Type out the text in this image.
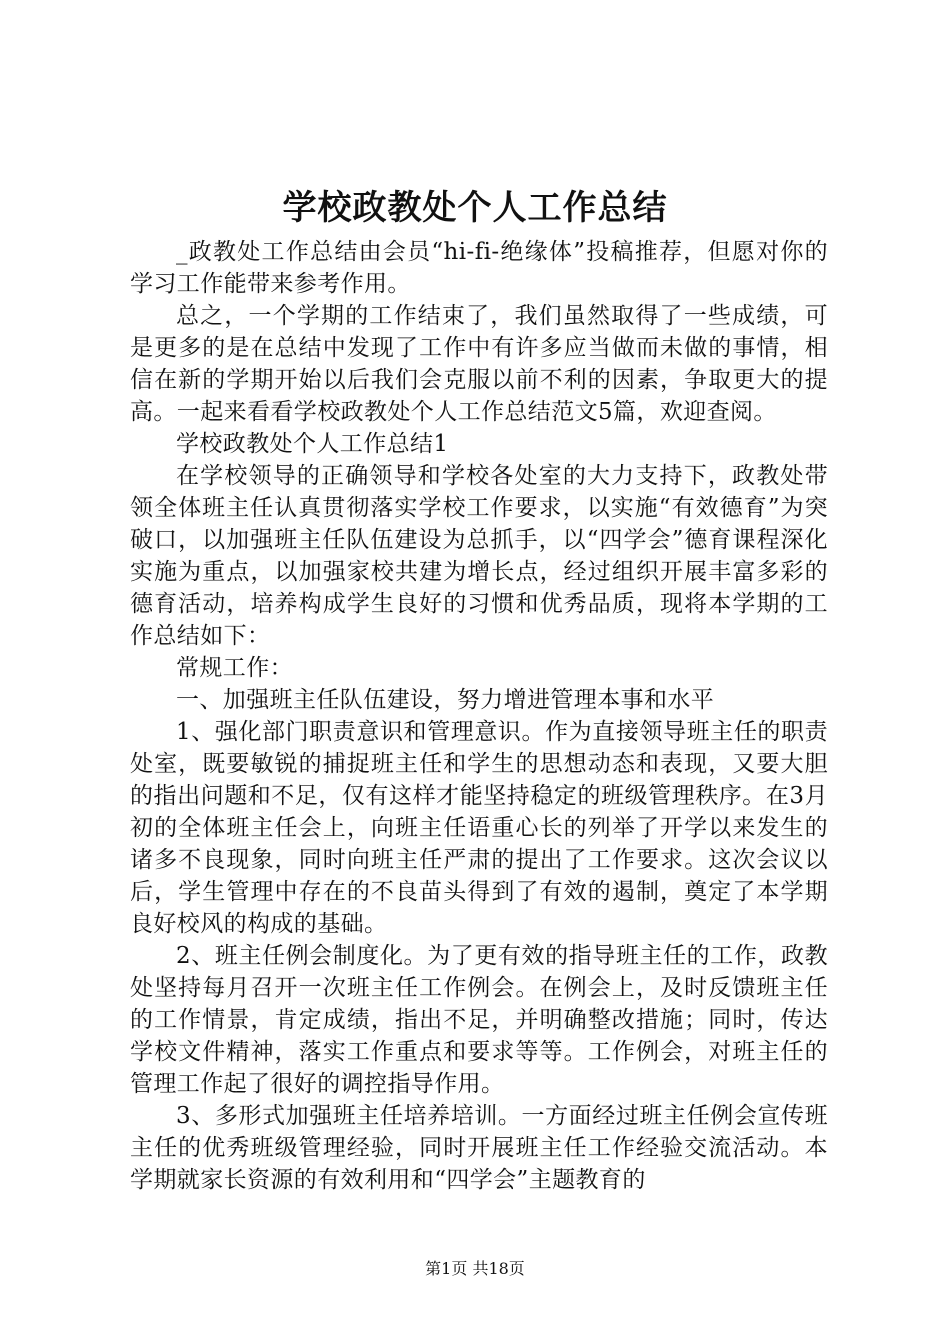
学校政教处个人工作总结

_政教处工作总结由会员“hi-fi-绝缘体”投稿推荐，但愿对你的学习工作能带来参考作用。

总之，一个学期的工作结束了，我们虽然取得了一些成绩，可是更多的是在总结中发现了工作中有许多应当做而未做的事情，相信在新的学期开始以后我们会克服以前不利的因素，争取更大的提高。一起来看看学校政教处个人工作总结范文5篇，欢迎查阅。

学校政教处个人工作总结1

在学校领导的正确领导和学校各处室的大力支持下，政教处带领全体班主任认真贯彻落实学校工作要求，以实施“有效德育”为突破口，以加强班主任队伍建设为总抓手，以“四学会”德育课程深化实施为重点，以加强家校共建为增长点，经过组织开展丰富多彩的德育活动，培养构成学生良好的习惯和优秀品质，现将本学期的工作总结如下：

常规工作：

一、加强班主任队伍建设，努力增进管理本事和水平

1、强化部门职责意识和管理意识。作为直接领导班主任的职责处室，既要敏锐的捕捉班主任和学生的思想动态和表现，又要大胆的指出问题和不足，仅有这样才能坚持稳定的班级管理秩序。在3月初的全体班主任会上，向班主任语重心长的列举了开学以来发生的诸多不良现象，同时向班主任严肃的提出了工作要求。这次会议以后，学生管理中存在的不良苗头得到了有效的遏制，奠定了本学期良好校风的构成的基础。

2、班主任例会制度化。为了更有效的指导班主任的工作，政教处坚持每月召开一次班主任工作例会。在例会上，及时反馈班主任的工作情景，肯定成绩，指出不足，并明确整改措施；同时，传达学校文件精神，落实工作重点和要求等等。工作例会，对班主任的管理工作起了很好的调控指导作用。

3、多形式加强班主任培养培训。一方面经过班主任例会宣传班主任的优秀班级管理经验，同时开展班主任工作经验交流活动。本学期就家长资源的有效利用和“四学会”主题教育的

第1页 共18页
